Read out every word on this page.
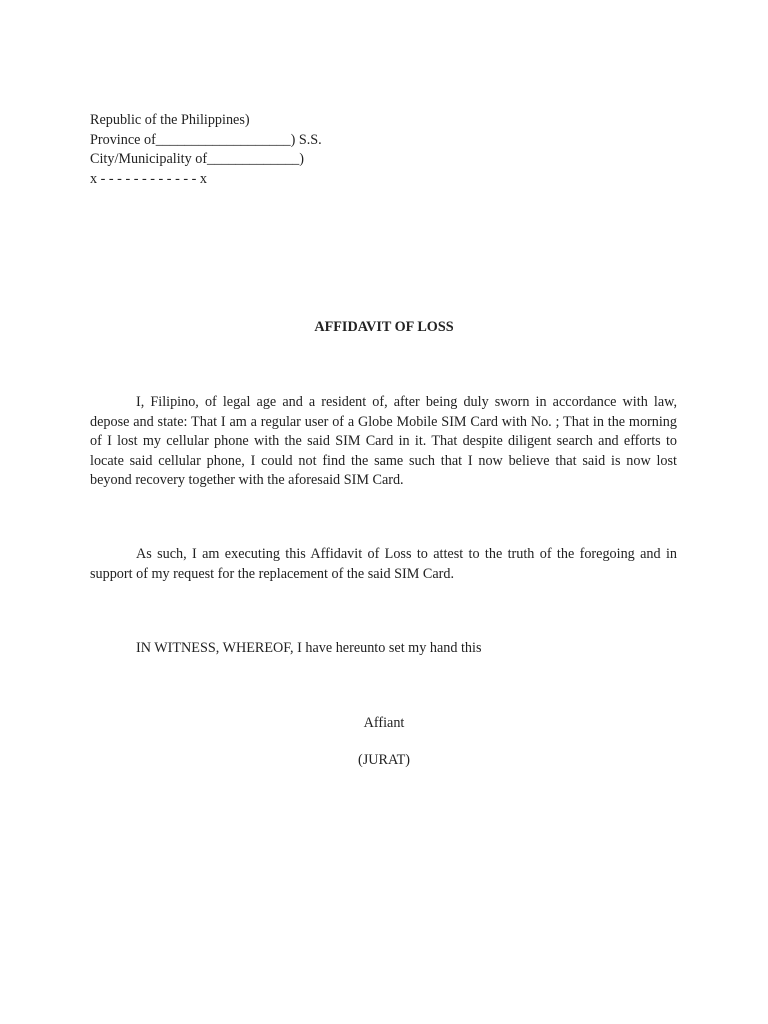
Republic of the Philippines)
Province of___________________) S.S.
City/Municipality of_____________)
x - - - - - - - - - - - - x
AFFIDAVIT OF LOSS

I, Filipino, of legal age and a resident of, after being duly sworn in accordance with law, depose and state: That I am a regular user of a Globe Mobile SIM Card with No. ; That in the morning of I lost my cellular phone with the said SIM Card in it. That despite diligent search and efforts to locate said cellular phone, I could not find the same such that I now believe that said is now lost beyond recovery together with the aforesaid SIM Card.

As such, I am executing this Affidavit of Loss to attest to the truth of the foregoing and in support of my request for the replacement of the said SIM Card.

IN WITNESS, WHEREOF, I have hereunto set my hand this

Affiant
(JURAT)
